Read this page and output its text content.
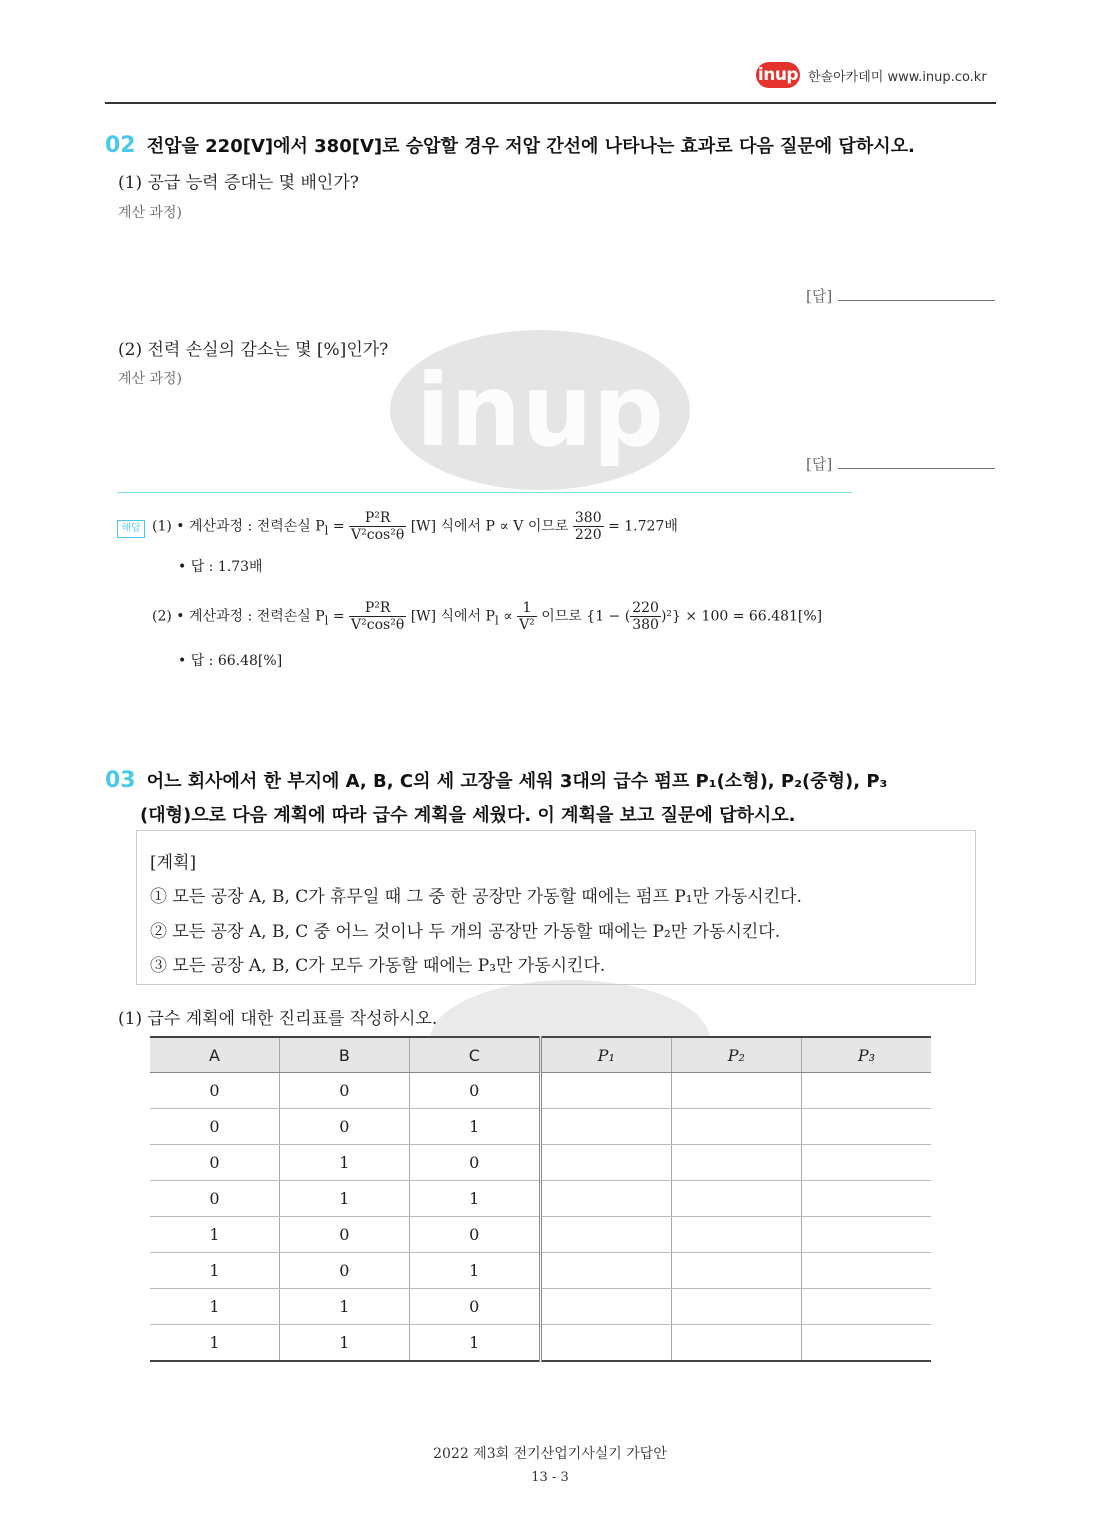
inup 한솔아카데미 www.inup.co.kr
inup
02 전압을 220[V]에서 380[V]로 승압할 경우 저압 간선에 나타나는 효과로 다음 질문에 답하시오.
(1) 공급 능력 증대는 몇 배인가?
계산 과정)
[답]
(2) 전력 손실의 감소는 몇 [%]인가?
계산 과정)
[답]
해답 (1) • 계산과정 : 전력손실 $P_l = \frac{\text{P²R}}{\text{V²cos²θ}} [W]$ 식에서 P ∝ V 이므로 $\frac{380}{220} = 1.727$배
• 답 : 1.73배
(2) • 계산과정 : 전력손실 $P_l = \frac{\text{P²R}}{\text{V²cos²θ}} [W]$ 식에서 $P_l \propto \frac{1}{\text{V²}}$ 이므로 {1 − ( $\frac{220}{380} )^2\} \times 100 = 66.481[\%]$
• 답 : 66.48[%]
03 어느 회사에서 한 부지에 A, B, C의 세 고장을 세워 3대의 급수 펌프 P₁(소형), P₂(중형), P₃
(대형)으로 다음 계획에 따라 급수 계획을 세웠다. 이 계획을 보고 질문에 답하시오.
[계획]
① 모든 공장 A, B, C가 휴무일 때 그 중 한 공장만 가동할 때에는 펌프 P₁만 가동시킨다.
② 모든 공장 A, B, C 중 어느 것이나 두 개의 공장만 가동할 때에는 P₂만 가동시킨다.
③ 모든 공장 A, B, C가 모두 가동할 때에는 P₃만 가동시킨다.
(1) 급수 계획에 대한 진리표를 작성하시오.
A	B	C	P₁	P₂	P₃
0	0	0			
0	0	1			
0	1	0			
0	1	1			
1	0	0			
1	0	1			
1	1	0			
1	1	1			
2022 제3회 전기산업기사실기 가답안
13 - 3
